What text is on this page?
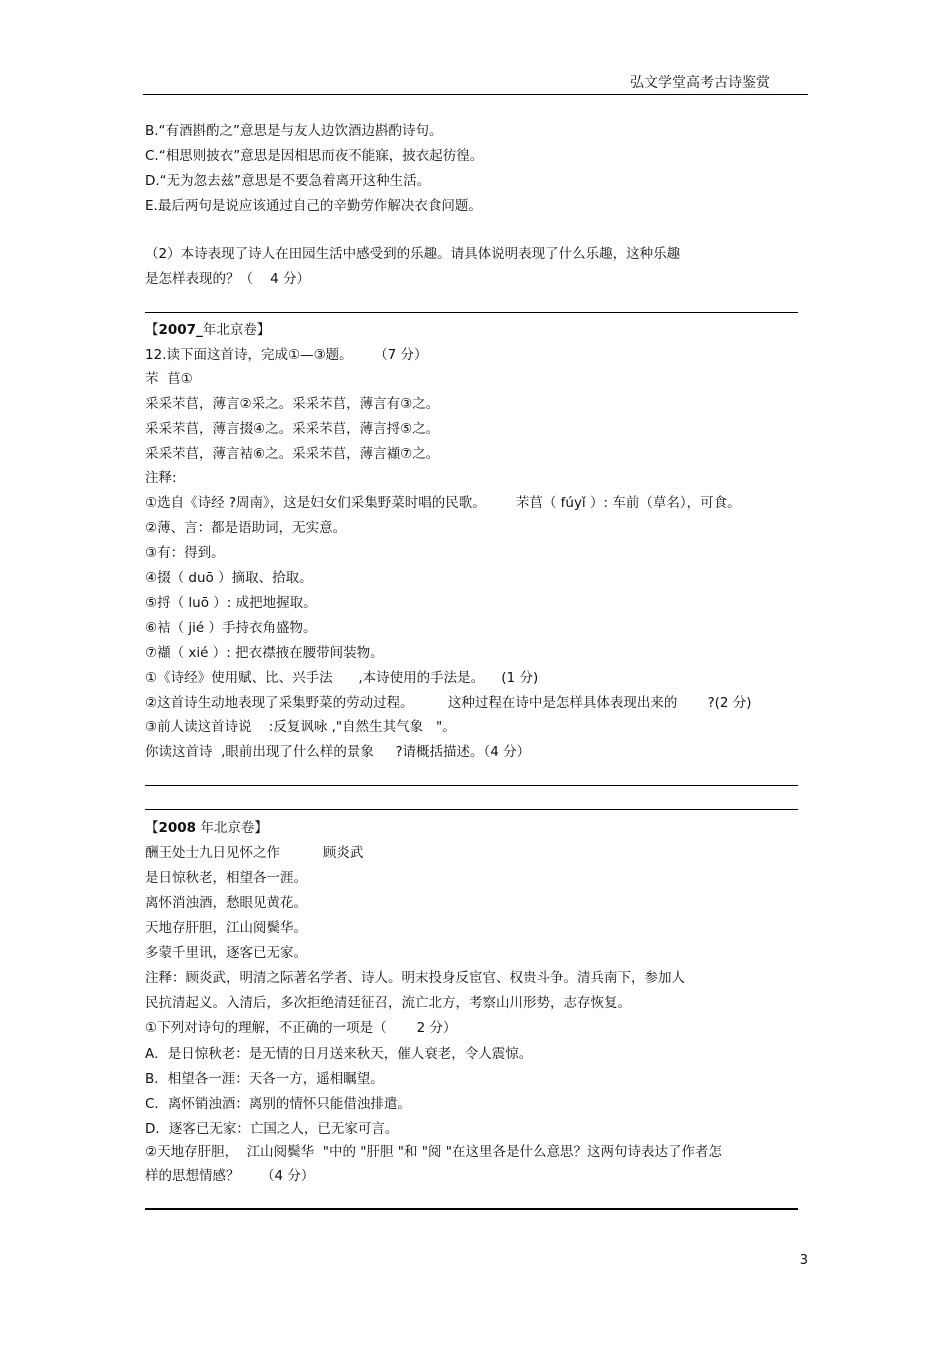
弘文学堂高考古诗鉴赏
B.“有酒斟酌之”意思是与友人边饮酒边斟酌诗句。
C.“相思则披衣”意思是因相思而夜不能寐，披衣起彷徨。
D.“无为忽去兹”意思是不要急着离开这种生活。
E.最后两句是说应该通过自己的辛勤劳作解决衣食问题。
（2）本诗表现了诗人在田园生活中感受到的乐趣。请具体说明表现了什么乐趣，这种乐趣
是怎样表现的？（    4 分）
【2007_年北京卷】
12.读下面这首诗，完成①—③题。     （7 分）
芣  苢①
采采芣苢，薄言②采之。采采芣苢，薄言有③之。
采采芣苢，薄言掇④之。采采芣苢，薄言捋⑤之。
采采芣苢，薄言袺⑥之。采采芣苢，薄言襭⑦之。
注释:
①选自《诗经 ?周南》，这是妇女们采集野菜时唱的民歌。       芣苢（ fúyǐ ）: 车前（草名），可食。
②薄、言：都是语助词，无实意。
③有：得到。
④掇（ duō ）摘取、拾取。
⑤捋（ luō ）: 成把地握取。
⑥袺（ jié ）手持衣角盛物。
⑦襭（ xié ）: 把衣襟掖在腰带间装物。
①《诗经》使用赋、比、兴手法      ,本诗使用的手法是。    (1 分)
②这首诗生动地表现了采集野菜的劳动过程。        这种过程在诗中是怎样具体表现出来的       ?(2 分)
③前人读这首诗说    :反复讽咏 ,"自然生其气象   "。
你读这首诗  ,眼前出现了什么样的景象     ?请概括描述。（4 分）
【2008 年北京卷】
酬王处士九日见怀之作          顾炎武
是日惊秋老，相望各一涯。
离怀消浊酒，愁眼见黄花。
天地存肝胆，江山阅鬓华。
多蒙千里讯，逐客已无家。
注释：顾炎武，明清之际著名学者、诗人。明末投身反宦官、权贵斗争。清兵南下，参加人
民抗清起义。入清后，多次拒绝清廷征召，流亡北方，考察山川形势，志存恢复。
①下列对诗句的理解，不正确的一项是（       2 分）
A．是日惊秋老：是无情的日月送来秋天，催人衰老，令人震惊。
B．相望各一涯：天各一方，遥相瞩望。
C．离怀销浊酒：离别的情怀只能借浊排遣。
D．逐客已无家：亡国之人，已无家可言。
②天地存肝胆，  江山阅鬓华  "中的 "肝胆 "和 "阅 "在这里各是什么意思？这两句诗表达了作者怎
样的思想情感？     （4 分）
3
